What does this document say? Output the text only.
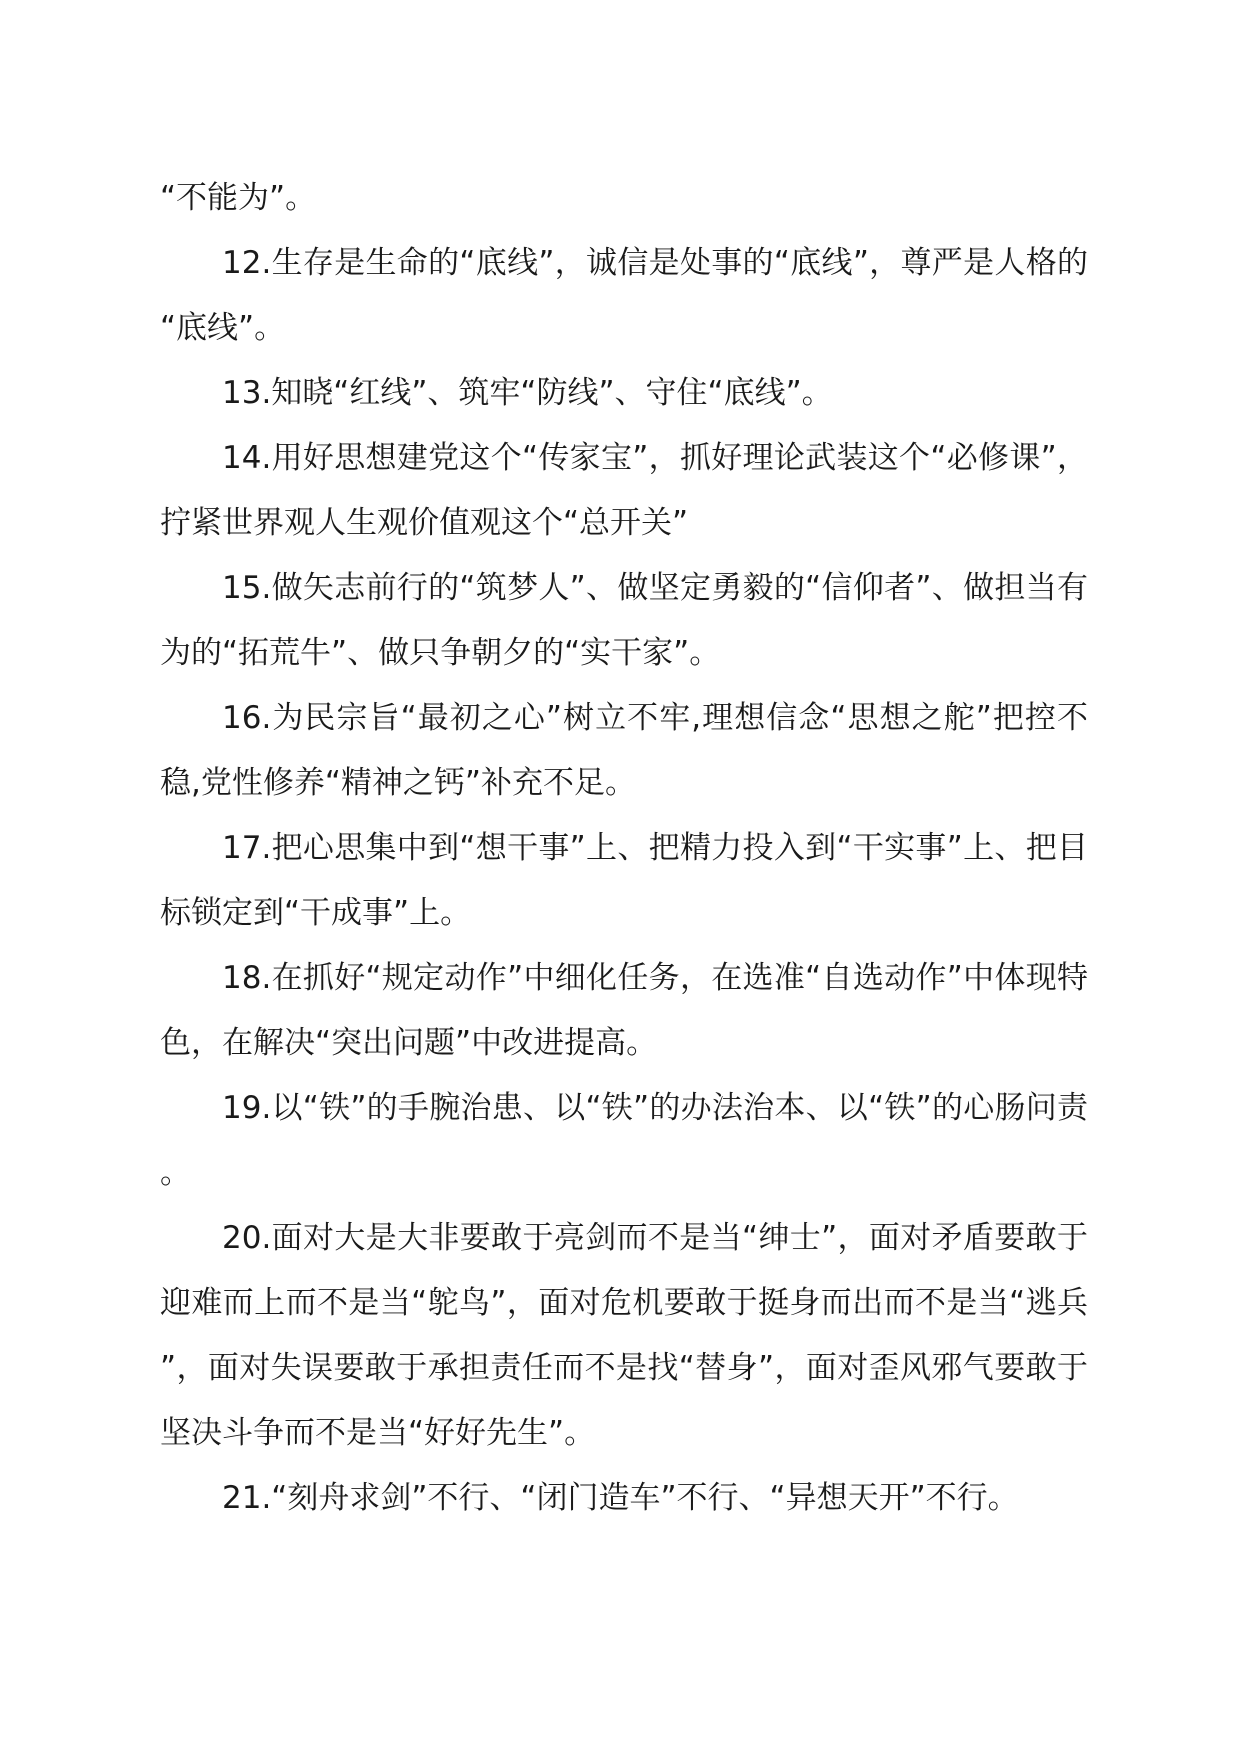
“不能为”。

12.生存是生命的“底线”，诚信是处事的“底线”，尊严是人格的“底线”。

13.知晓“红线”、筑牢“防线”、守住“底线”。

14.用好思想建党这个“传家宝”，抓好理论武装这个“必修课”，拧紧世界观人生观价值观这个“总开关”

15.做矢志前行的“筑梦人”、做坚定勇毅的“信仰者”、做担当有为的“拓荒牛”、做只争朝夕的“实干家”。

16.为民宗旨“最初之心”树立不牢,理想信念“思想之舵”把控不稳,党性修养“精神之钙”补充不足。

17.把心思集中到“想干事”上、把精力投入到“干实事”上、把目标锁定到“干成事”上。

18.在抓好“规定动作”中细化任务，在选准“自选动作”中体现特色，在解决“突出问题”中改进提高。

19.以“铁”的手腕治患、以“铁”的办法治本、以“铁”的心肠问责。

20.面对大是大非要敢于亮剑而不是当“绅士”，面对矛盾要敢于迎难而上而不是当“鸵鸟”，面对危机要敢于挺身而出而不是当“逃兵”，面对失误要敢于承担责任而不是找“替身”，面对歪风邪气要敢于坚决斗争而不是当“好好先生”。

21.“刻舟求剑”不行、“闭门造车”不行、“异想天开”不行。
